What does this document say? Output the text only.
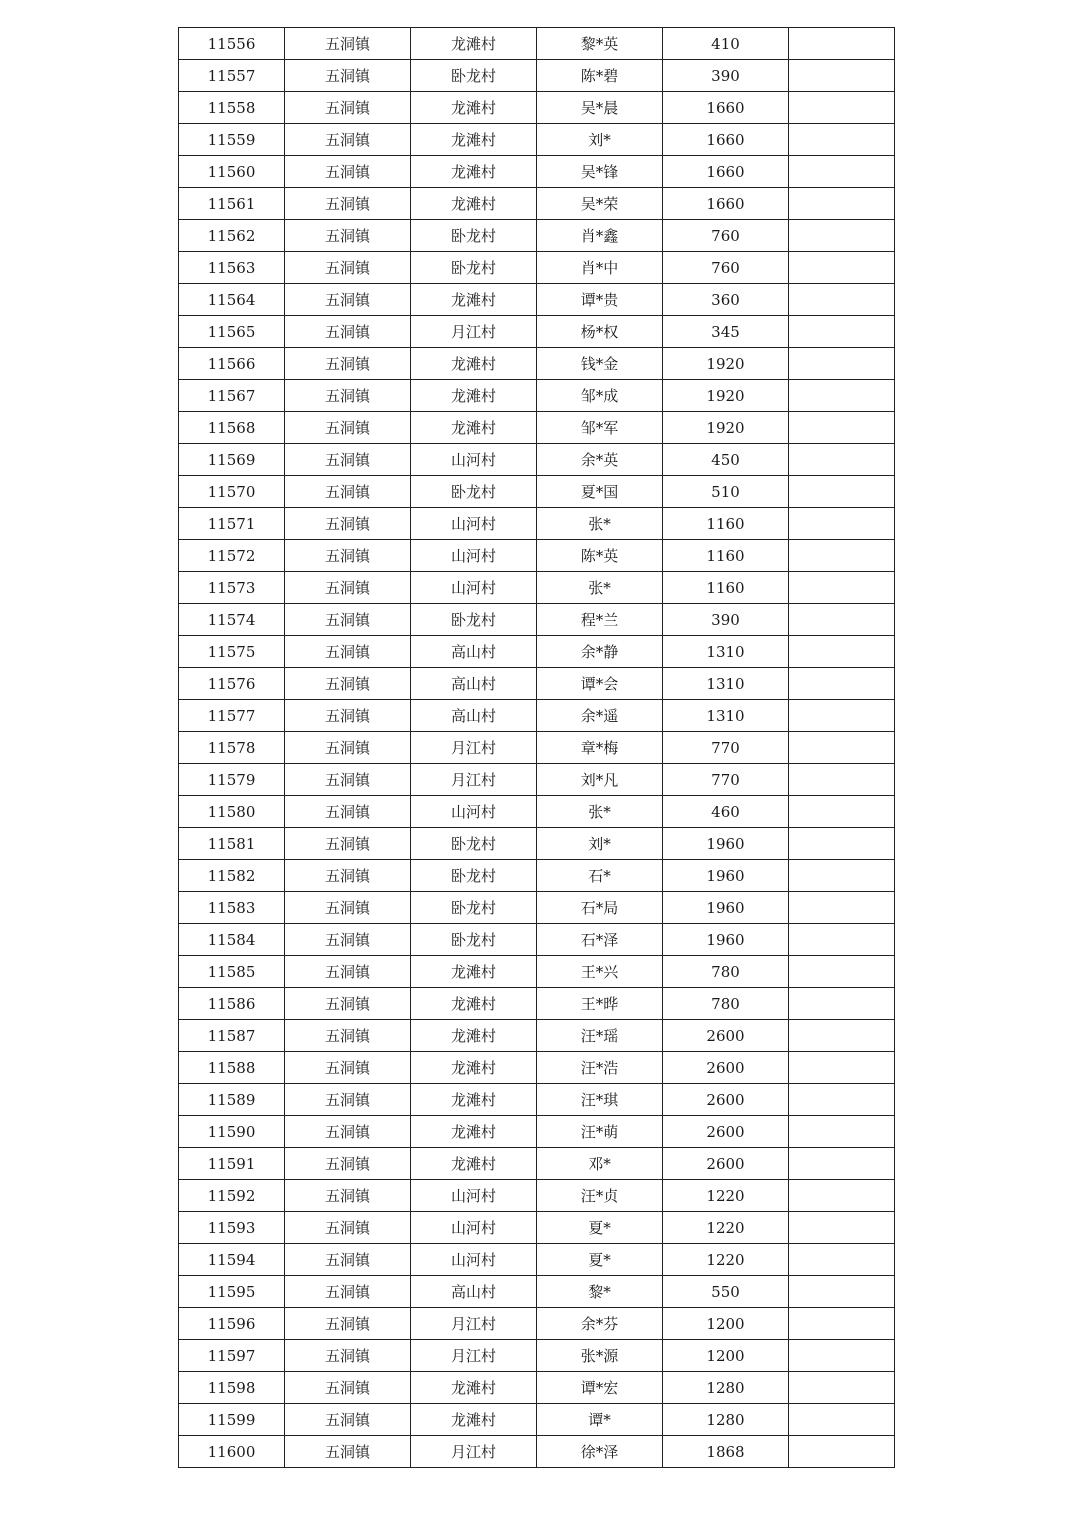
11556	五洞镇	龙滩村	黎*英	410	
11557	五洞镇	卧龙村	陈*碧	390	
11558	五洞镇	龙滩村	吴*晨	1660	
11559	五洞镇	龙滩村	刘*	1660	
11560	五洞镇	龙滩村	吴*锋	1660	
11561	五洞镇	龙滩村	吴*荣	1660	
11562	五洞镇	卧龙村	肖*鑫	760	
11563	五洞镇	卧龙村	肖*中	760	
11564	五洞镇	龙滩村	谭*贵	360	
11565	五洞镇	月江村	杨*权	345	
11566	五洞镇	龙滩村	钱*金	1920	
11567	五洞镇	龙滩村	邹*成	1920	
11568	五洞镇	龙滩村	邹*军	1920	
11569	五洞镇	山河村	余*英	450	
11570	五洞镇	卧龙村	夏*国	510	
11571	五洞镇	山河村	张*	1160	
11572	五洞镇	山河村	陈*英	1160	
11573	五洞镇	山河村	张*	1160	
11574	五洞镇	卧龙村	程*兰	390	
11575	五洞镇	高山村	余*静	1310	
11576	五洞镇	高山村	谭*会	1310	
11577	五洞镇	高山村	余*遥	1310	
11578	五洞镇	月江村	章*梅	770	
11579	五洞镇	月江村	刘*凡	770	
11580	五洞镇	山河村	张*	460	
11581	五洞镇	卧龙村	刘*	1960	
11582	五洞镇	卧龙村	石*	1960	
11583	五洞镇	卧龙村	石*局	1960	
11584	五洞镇	卧龙村	石*泽	1960	
11585	五洞镇	龙滩村	王*兴	780	
11586	五洞镇	龙滩村	王*晔	780	
11587	五洞镇	龙滩村	汪*瑶	2600	
11588	五洞镇	龙滩村	汪*浩	2600	
11589	五洞镇	龙滩村	汪*琪	2600	
11590	五洞镇	龙滩村	汪*萌	2600	
11591	五洞镇	龙滩村	邓*	2600	
11592	五洞镇	山河村	汪*贞	1220	
11593	五洞镇	山河村	夏*	1220	
11594	五洞镇	山河村	夏*	1220	
11595	五洞镇	高山村	黎*	550	
11596	五洞镇	月江村	余*芬	1200	
11597	五洞镇	月江村	张*源	1200	
11598	五洞镇	龙滩村	谭*宏	1280	
11599	五洞镇	龙滩村	谭*	1280	
11600	五洞镇	月江村	徐*泽	1868	
